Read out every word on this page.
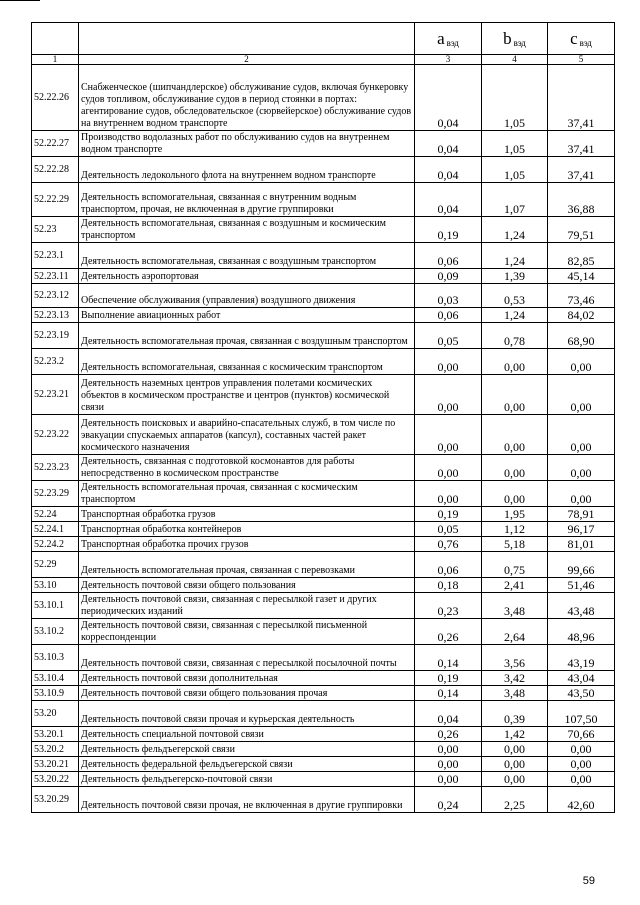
		a $_{вэд}$	b $_{вэд}$	c $_{вэд}$
1	2	3	4	5
52.22.26	Снабженческое (шипчандлерское) обслуживание судов, включая бункеровку судов топливом, обслуживание судов в период стоянки в портах: агентирование судов, обследовательское (сюрвейерское) обслуживание судов на внутреннем водном транспорте	0,04	1,05	37,41
52.22.27	Производство водолазных работ по обслуживанию судов на внутреннем водном транспорте	0,04	1,05	37,41
52.22.28	Деятельность ледокольного флота на внутреннем водном транспорте	0,04	1,05	37,41
52.22.29	Деятельность вспомогательная, связанная с внутренним водным транспортом, прочая, не включенная в другие группировки	0,04	1,07	36,88
52.23	Деятельность вспомогательная, связанная с воздушным и космическим транспортом	0,19	1,24	79,51
52.23.1	Деятельность вспомогательная, связанная с воздушным транспортом	0,06	1,24	82,85
52.23.11	Деятельность аэропортовая	0,09	1,39	45,14
52.23.12	Обеспечение обслуживания (управления) воздушного движения	0,03	0,53	73,46
52.23.13	Выполнение авиационных работ	0,06	1,24	84,02
52.23.19	Деятельность вспомогательная прочая, связанная с воздушным транспортом	0,05	0,78	68,90
52.23.2	Деятельность вспомогательная, связанная с космическим транспортом	0,00	0,00	0,00
52.23.21	Деятельность наземных центров управления полетами космических объектов в космическом пространстве и центров (пунктов) космической связи	0,00	0,00	0,00
52.23.22	Деятельность поисковых и аварийно-спасательных служб, в том числе по эвакуации спускаемых аппаратов (капсул), составных частей ракет космического назначения	0,00	0,00	0,00
52.23.23	Деятельность, связанная с подготовкой космонавтов для работы непосредственно в космическом пространстве	0,00	0,00	0,00
52.23.29	Деятельность вспомогательная прочая, связанная с космическим транспортом	0,00	0,00	0,00
52.24	Транспортная обработка грузов	0,19	1,95	78,91
52.24.1	Транспортная обработка контейнеров	0,05	1,12	96,17
52.24.2	Транспортная обработка прочих грузов	0,76	5,18	81,01
52.29	Деятельность вспомогательная прочая, связанная с перевозками	0,06	0,75	99,66
53.10	Деятельность почтовой связи общего пользования	0,18	2,41	51,46
53.10.1	Деятельность почтовой связи, связанная с пересылкой газет и других периодических изданий	0,23	3,48	43,48
53.10.2	Деятельность почтовой связи, связанная с пересылкой письменной корреспонденции	0,26	2,64	48,96
53.10.3	Деятельность почтовой связи, связанная с пересылкой посылочной почты	0,14	3,56	43,19
53.10.4	Деятельность почтовой связи дополнительная	0,19	3,42	43,04
53.10.9	Деятельность почтовой связи общего пользования прочая	0,14	3,48	43,50
53.20	Деятельность почтовой связи прочая и курьерская деятельность	0,04	0,39	107,50
53.20.1	Деятельность специальной почтовой связи	0,26	1,42	70,66
53.20.2	Деятельность фельдъегерской связи	0,00	0,00	0,00
53.20.21	Деятельность федеральной фельдъегерской связи	0,00	0,00	0,00
53.20.22	Деятельность фельдъегерско-почтовой связи	0,00	0,00	0,00
53.20.29	Деятельность почтовой связи прочая, не включенная в другие группировки	0,24	2,25	42,60
59
